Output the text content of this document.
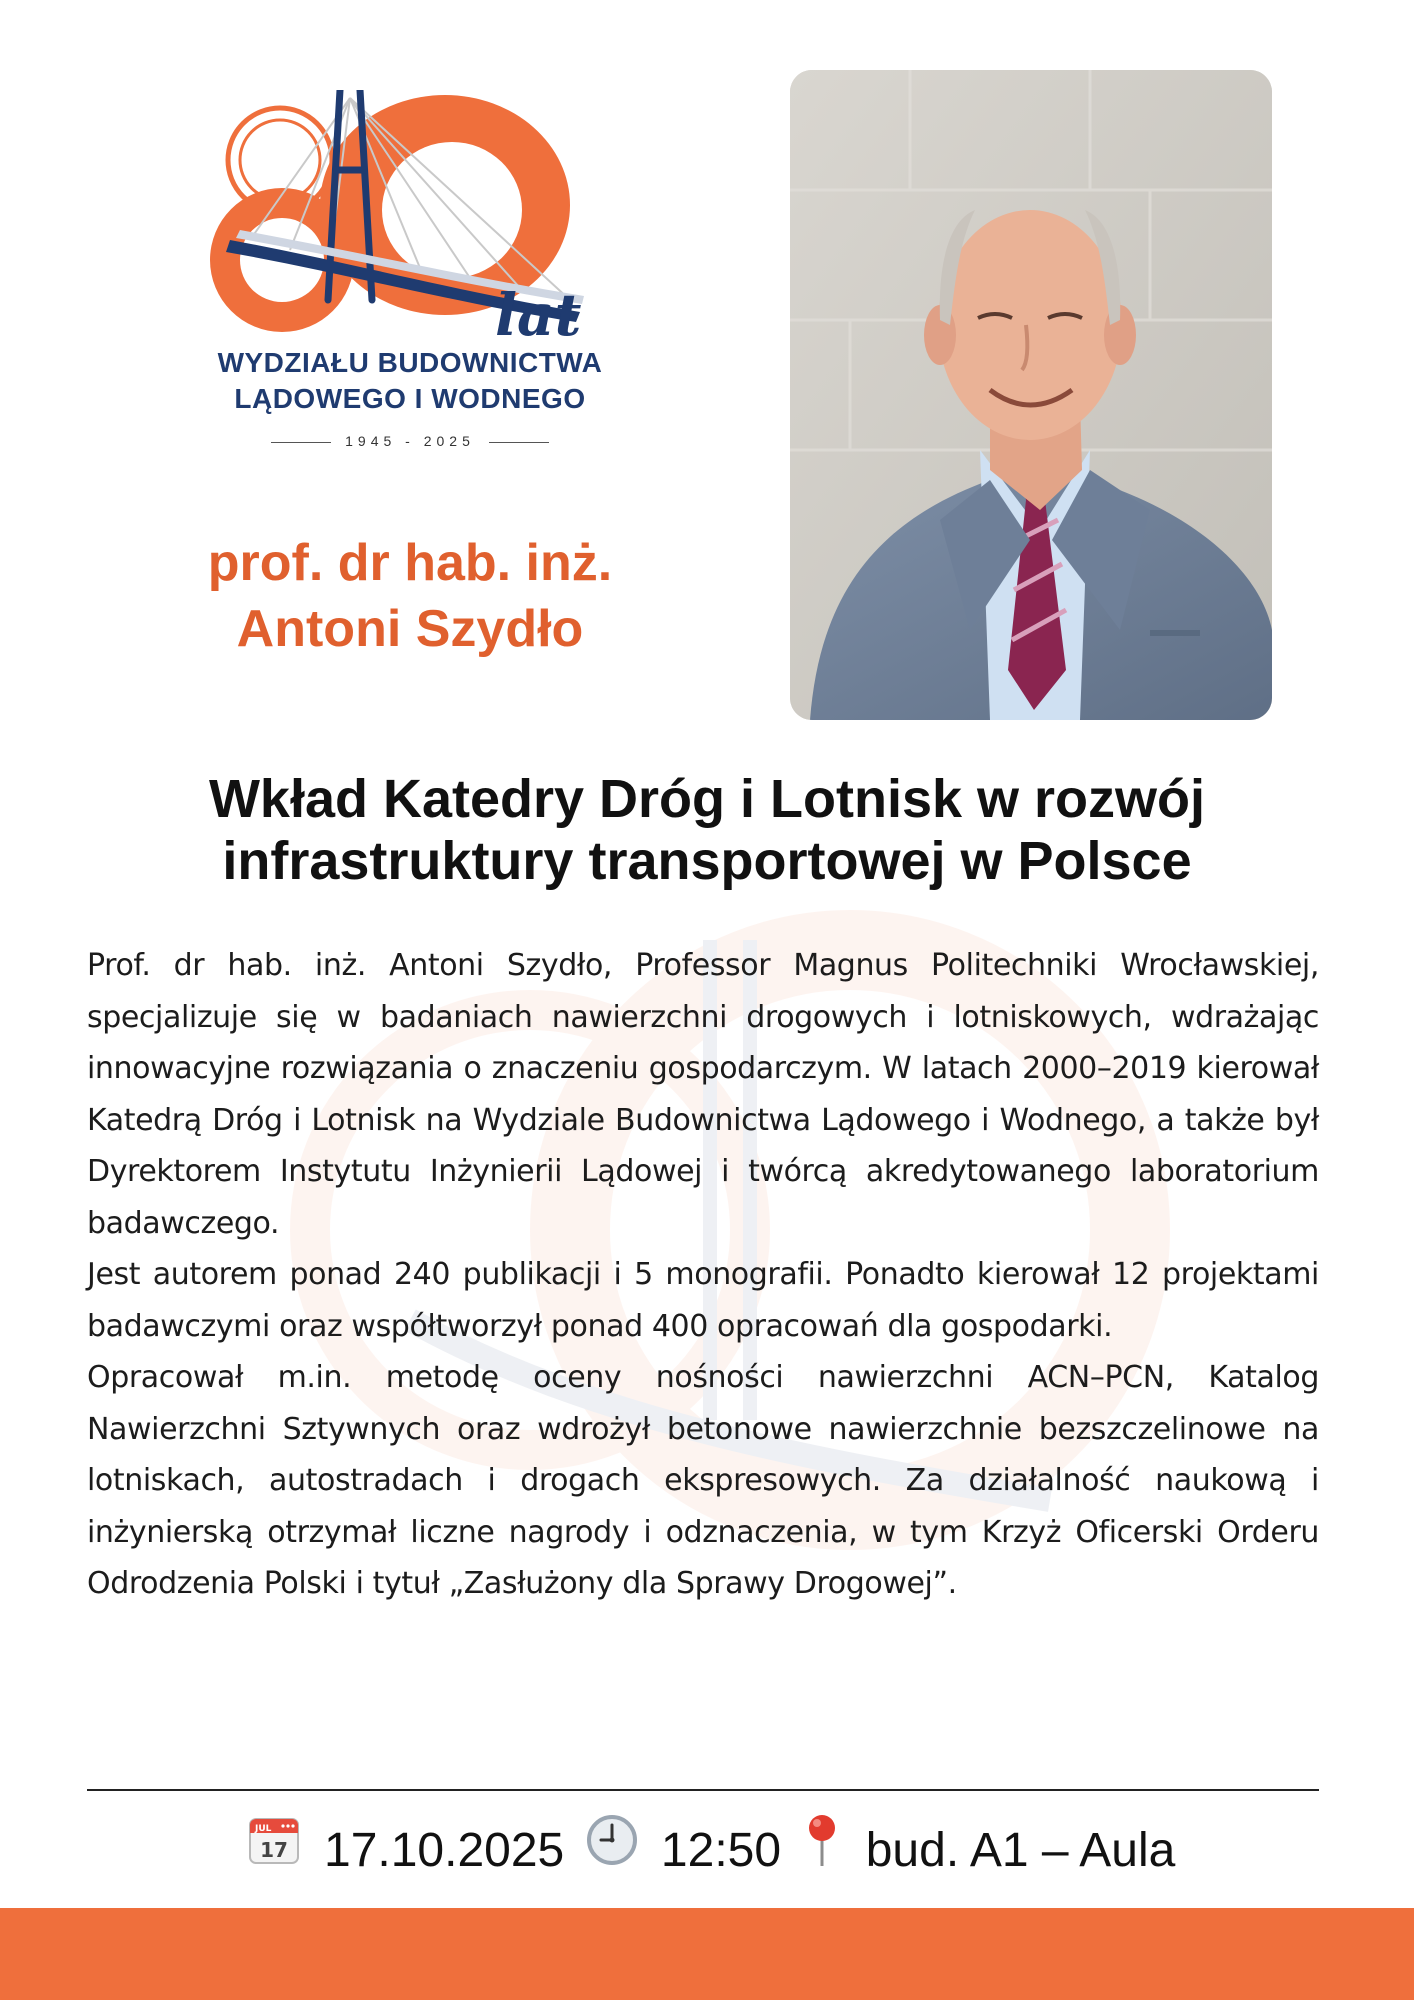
lat
WYDZIAŁU BUDOWNICTWA
LĄDOWEGO I WODNEGO
1945 - 2025
prof. dr hab. inż.
Antoni Szydło
Wkład Katedry Dróg i Lotnisk w rozwój
infrastruktury transportowej w Polsce

Prof. dr hab. inż. Antoni Szydło, Professor Magnus Politechniki Wrocławskiej, specjalizuje się w badaniach nawierzchni drogowych i lotniskowych, wdrażając innowacyjne rozwiązania o znaczeniu gospodarczym. W latach 2000–2019 kierował Katedrą Dróg i Lotnisk na Wydziale Budownictwa Lądowego i Wodnego, a także był Dyrektorem Instytutu Inżynierii Lądowej i twórcą akredytowanego laboratorium badawczego.

Jest autorem ponad 240 publikacji i 5 monografii. Ponadto kierował 12 projektami badawczymi oraz współtworzył ponad 400 opracowań dla gospodarki.

Opracował m.in. metodę oceny nośności nawierzchni ACN–PCN, Katalog Nawierzchni Sztywnych oraz wdrożył betonowe nawierzchnie bezszczelinowe na lotniskach, autostradach i drogach ekspresowych. Za działalność naukową i inżynierską otrzymał liczne nagrody i odznaczenia, w tym Krzyż Oficerski Orderu Odrodzenia Polski i tytuł „Zasłużony dla Sprawy Drogowej”.

JUL
17 17.10.2025 12:50 bud. A1 – Aula
